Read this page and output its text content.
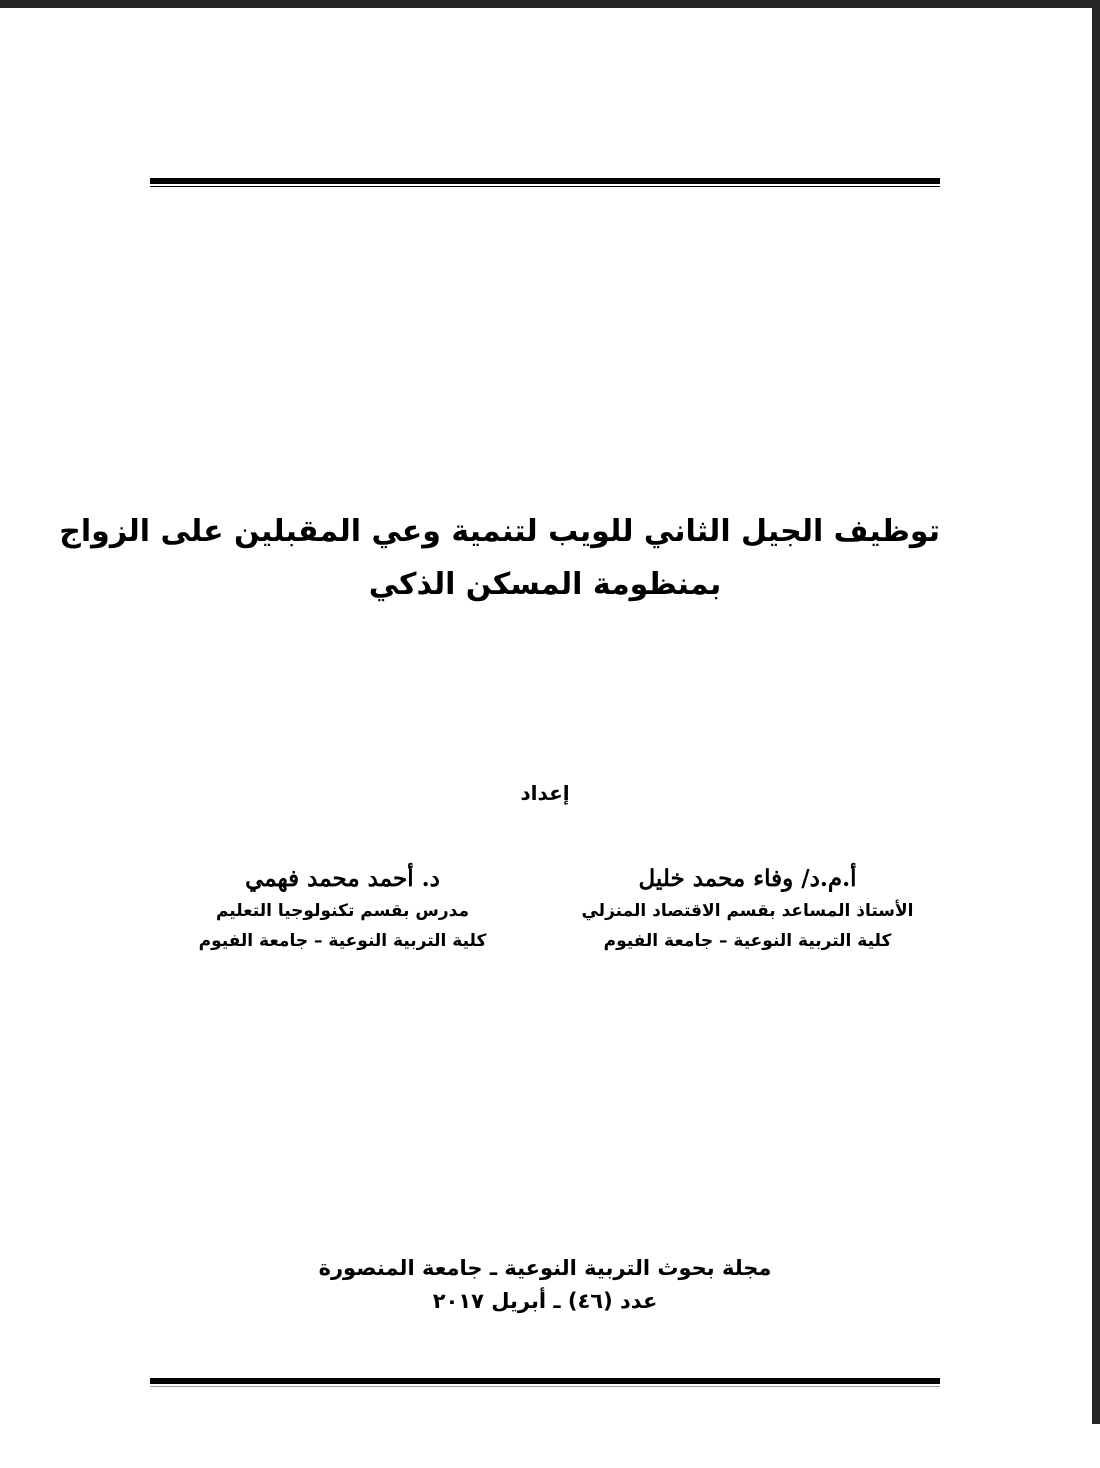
توظيف الجيل الثاني للويب لتنمية وعي المقبلين على الزواج
بمنظومة المسكن الذكي
إعداد
أ.م.د/ وفاء محمد خليل
الأستاذ المساعد بقسم الاقتصاد المنزلي
كلية التربية النوعية – جامعة الفيوم
د. أحمد محمد فهمي
مدرس بقسم تكنولوجيا التعليم
كلية التربية النوعية – جامعة الفيوم
مجلة بحوث التربية النوعية ـ جامعة المنصورة
عدد (٤٦) ـ أبريل ٢٠١٧
